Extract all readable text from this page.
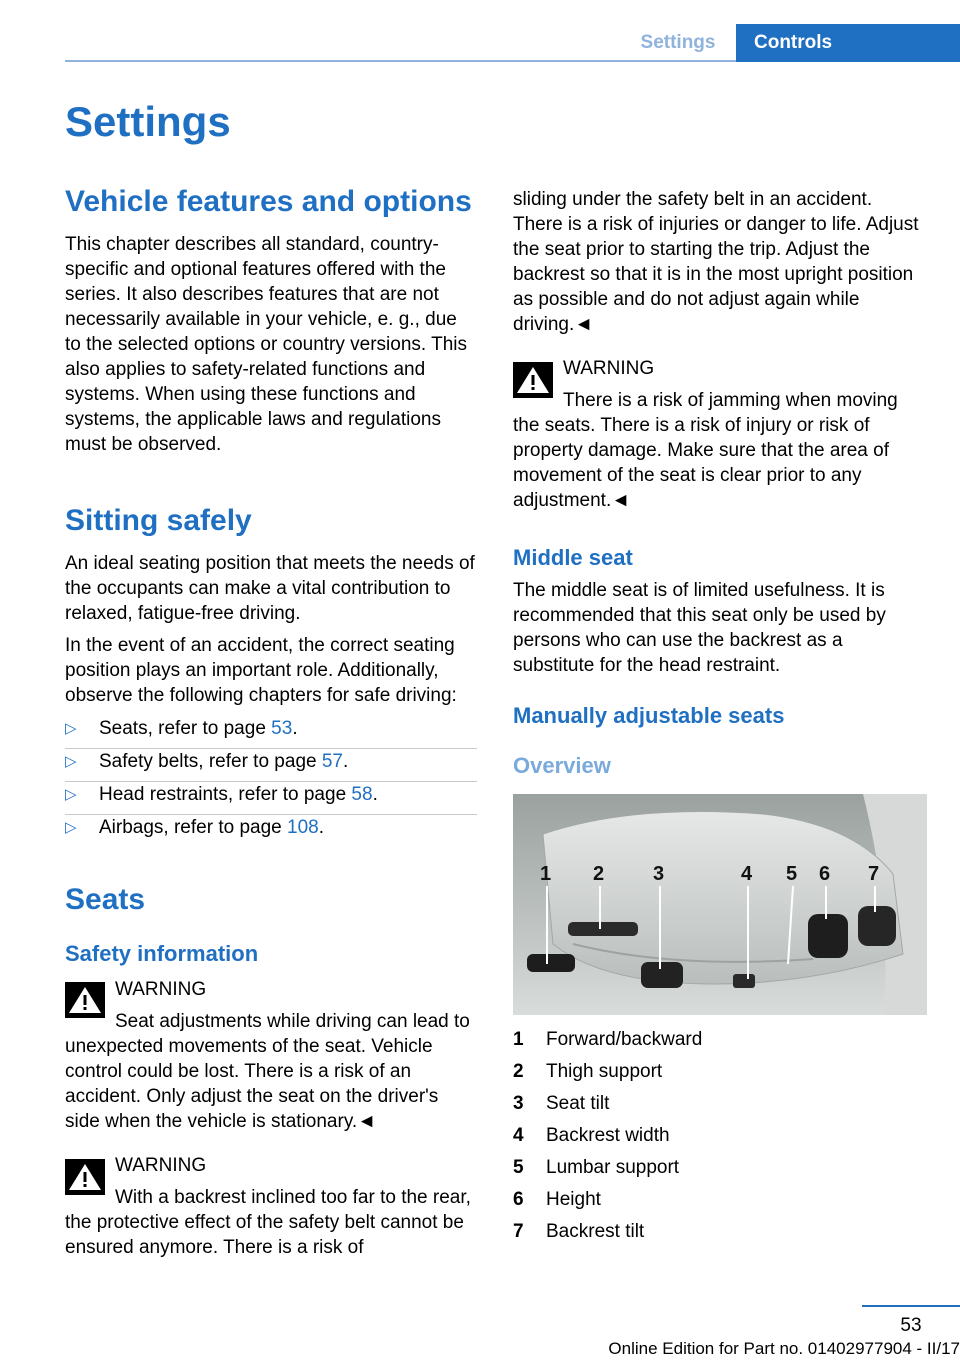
Settings	Controls
Settings
Vehicle features and options

This chapter describes all standard, country-specific and optional features offered with the series. It also describes features that are not necessarily available in your vehicle, e. g., due to the selected options or country versions. This also applies to safety-related functions and systems. When using these functions and systems, the applicable laws and regulations must be observed.

Sitting safely

An ideal seating position that meets the needs of the occupants can make a vital contribution to relaxed, fatigue-free driving.

In the event of an accident, the correct seating position plays an important role. Additionally, observe the following chapters for safe driving:

▷ Seats, refer to page 53.
▷ Safety belts, refer to page 57.
▷ Head restraints, refer to page 58.
▷ Airbags, refer to page 108.
Seats
Safety information
WARNING

Seat adjustments while driving can lead to unexpected movements of the seat. Vehicle control could be lost. There is a risk of an accident. Only adjust the seat on the driver's side when the vehicle is stationary.◄

WARNING

With a backrest inclined too far to the rear, the protective effect of the safety belt cannot be ensured anymore. There is a risk of

sliding under the safety belt in an accident. There is a risk of injuries or danger to life. Adjust the seat prior to starting the trip. Adjust the backrest so that it is in the most upright position as possible and do not adjust again while driving.◄

WARNING

There is a risk of jamming when moving the seats. There is a risk of injury or risk of property damage. Make sure that the area of movement of the seat is clear prior to any adjustment.◄

Middle seat

The middle seat is of limited usefulness. It is recommended that this seat only be used by persons who can use the backrest as a substitute for the head restraint.

Manually adjustable seats
Overview
1 2 3	4 5 6 7
1	Forward/backward
2	Thigh support
3	Seat tilt
4	Backrest width
5	Lumbar support
6	Height
7	Backrest tilt
53
Online Edition for Part no. 01402977904 - II/17
